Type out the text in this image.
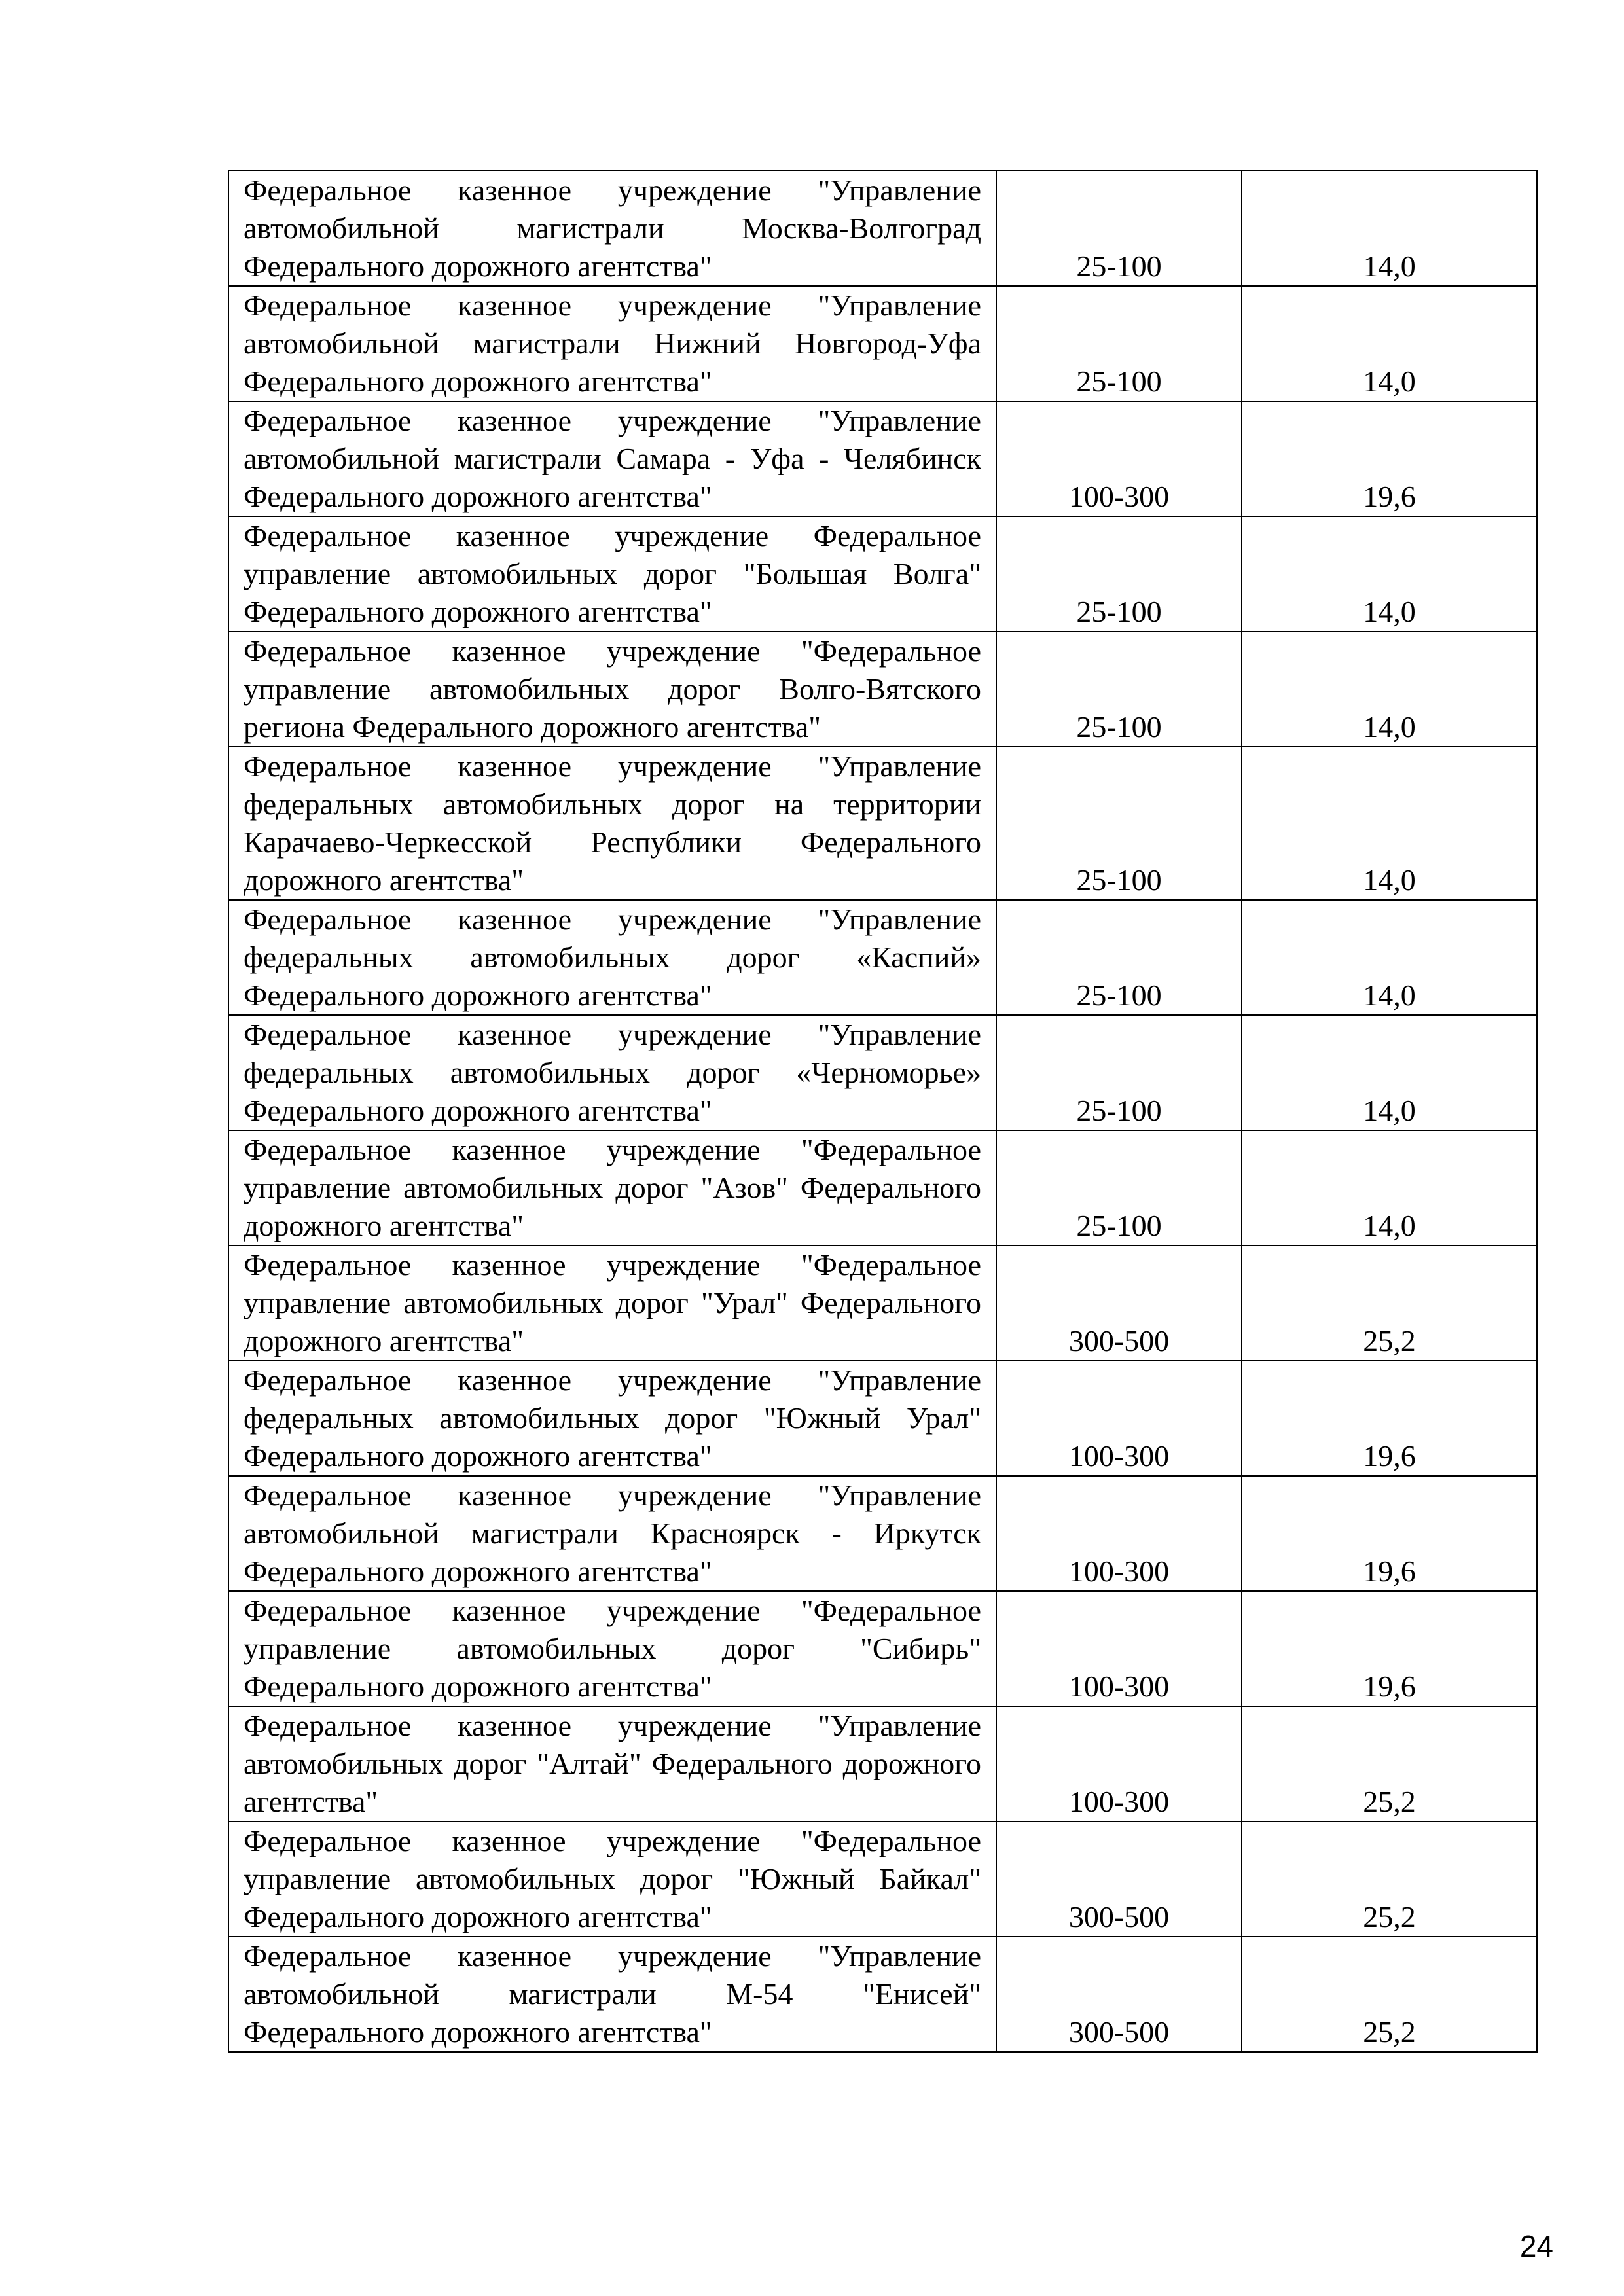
Федеральное казенное учреждение "Управление автомобильной магистрали Москва-Волгоград Федерального дорожного агентства"	25-100	14,0

Федеральное казенное учреждение "Управление автомобильной магистрали Нижний Новгород-Уфа Федерального дорожного агентства"	25-100	14,0

Федеральное казенное учреждение "Управление автомобильной магистрали Самара - Уфа - Челябинск Федерального дорожного агентства"	100-300	19,6

Федеральное казенное учреждение Федеральное управление автомобильных дорог "Большая Волга" Федерального дорожного агентства"	25-100	14,0

Федеральное казенное учреждение "Федеральное управление автомобильных дорог Волго-Вятского региона Федерального дорожного агентства"	25-100	14,0

Федеральное казенное учреждение "Управление федеральных автомобильных дорог на территории Карачаево-Черкесской Республики Федерального дорожного агентства"	25-100	14,0

Федеральное казенное учреждение "Управление федеральных автомобильных дорог «Каспий» Федерального дорожного агентства"	25-100	14,0

Федеральное казенное учреждение "Управление федеральных автомобильных дорог «Черноморье» Федерального дорожного агентства"	25-100	14,0

Федеральное казенное учреждение "Федеральное управление автомобильных дорог "Азов" Федерального дорожного агентства"	25-100	14,0

Федеральное казенное учреждение "Федеральное управление автомобильных дорог "Урал" Федерального дорожного агентства"	300-500	25,2

Федеральное казенное учреждение "Управление федеральных автомобильных дорог "Южный Урал" Федерального дорожного агентства"	100-300	19,6

Федеральное казенное учреждение "Управление автомобильной магистрали Красноярск - Иркутск Федерального дорожного агентства"	100-300	19,6

Федеральное казенное учреждение "Федеральное управление автомобильных дорог "Сибирь" Федерального дорожного агентства"	100-300	19,6

Федеральное казенное учреждение "Управление автомобильных дорог "Алтай" Федерального дорожного агентства"	100-300	25,2

Федеральное казенное учреждение "Федеральное управление автомобильных дорог "Южный Байкал" Федерального дорожного агентства"	300-500	25,2

Федеральное казенное учреждение "Управление автомобильной магистрали М-54 "Енисей" Федерального дорожного агентства"	300-500	25,2
24
